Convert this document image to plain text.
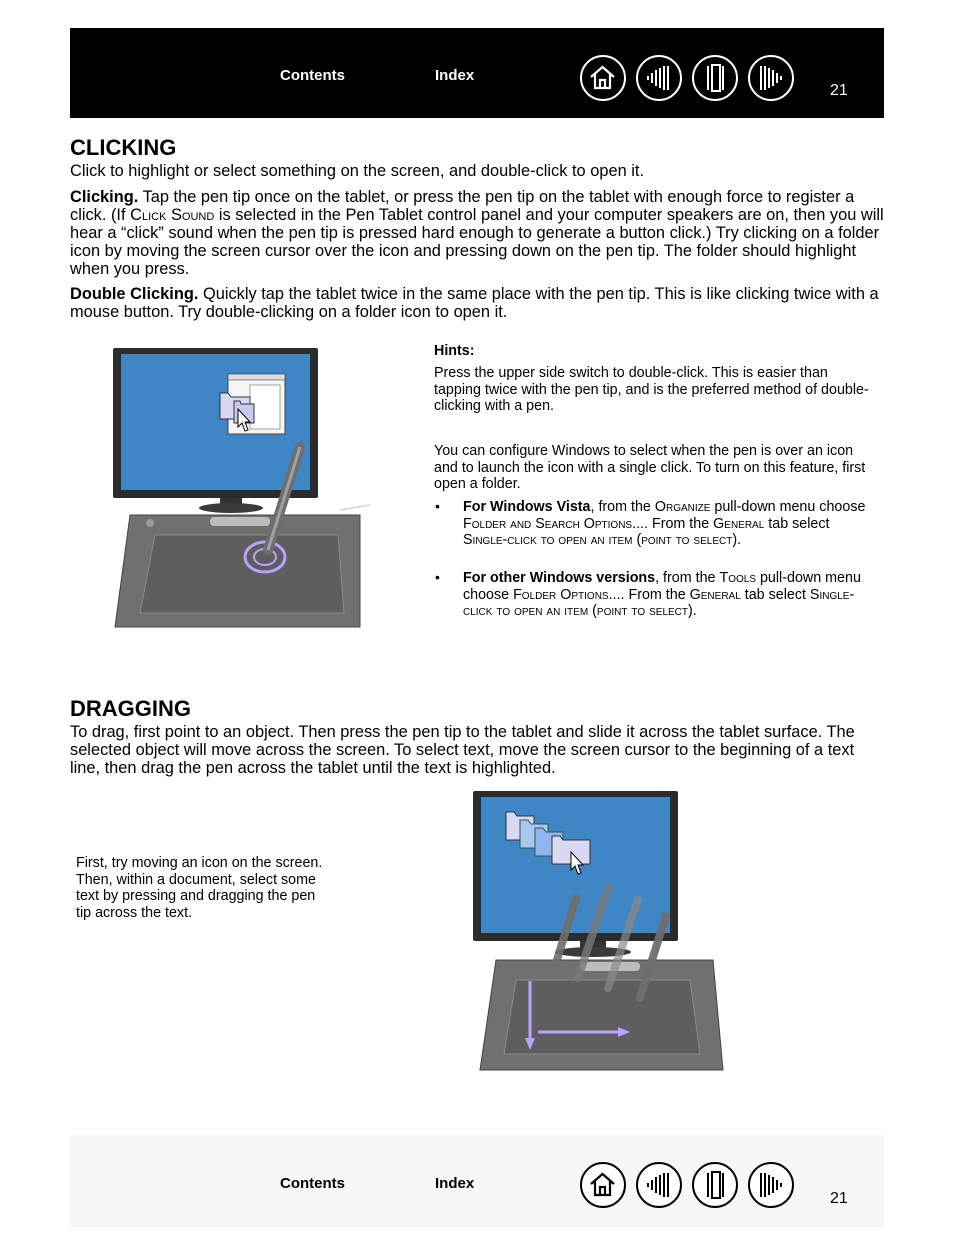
Contents	Index
21
CLICKING
Click to highlight or select something on the screen, and double-click to open it.
Clicking. Tap the pen tip once on the tablet, or press the pen tip on the tablet with enough force to register a click. (If Click Sound is selected in the Pen Tablet control panel and your computer speakers are on, then you will hear a “click” sound when the pen tip is pressed hard enough to generate a button click.) Try clicking on a folder icon by moving the screen cursor over the icon and pressing down on the pen tip. The folder should highlight when you press.
Double Clicking. Quickly tap the tablet twice in the same place with the pen tip. This is like clicking twice with a mouse button. Try double-clicking on a folder icon to open it.
Hints:
Press the upper side switch to double-click. This is easier than tapping twice with the pen tip, and is the preferred method of double-clicking with a pen.
You can configure Windows to select when the pen is over an icon and to launch the icon with a single click. To turn on this feature, first open a folder.
• For Windows Vista, from the Organize pull-down menu choose Folder and Search Options.... From the General tab select Single-click to open an item (point to select).
• For other Windows versions, from the Tools pull-down menu choose Folder Options.... From the General tab select Single-click to open an item (point to select).
DRAGGING
To drag, first point to an object. Then press the pen tip to the tablet and slide it across the tablet surface. The selected object will move across the screen. To select text, move the screen cursor to the beginning of a text line, then drag the pen across the tablet until the text is highlighted.
First, try moving an icon on the screen. Then, within a document, select some text by pressing and dragging the pen tip across the text.
Contents	Index
21
